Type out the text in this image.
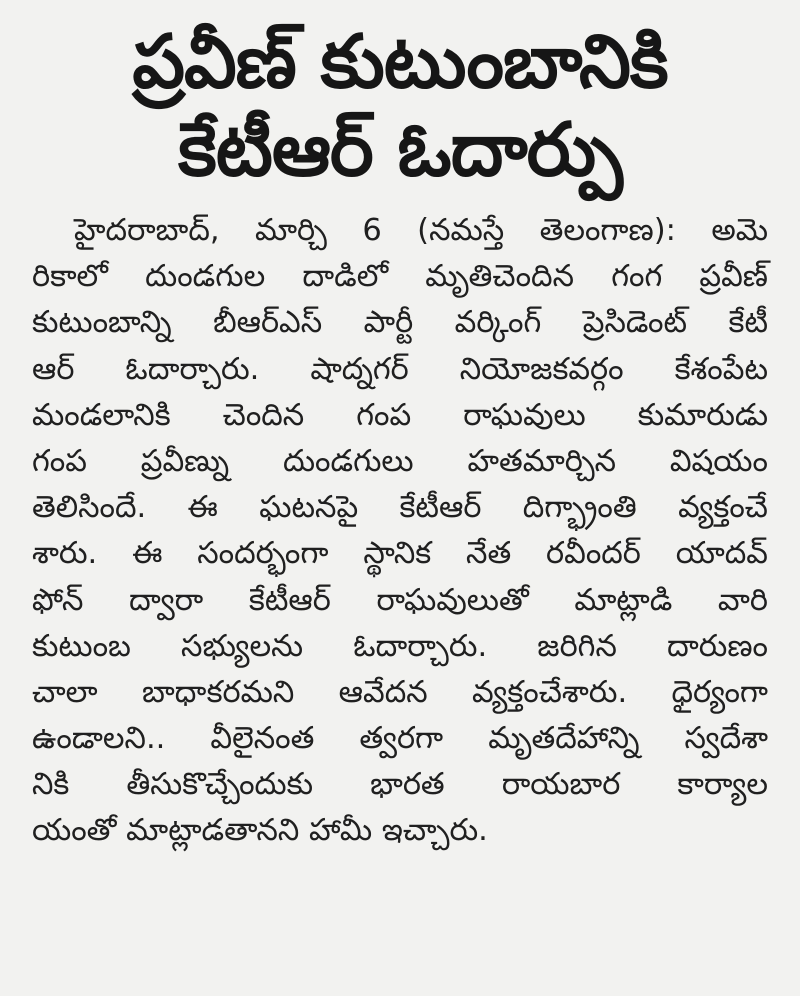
ప్రవీణ్ కుటుంబానికి
కేటీఆర్ ఓదార్పు
హైదరాబాద్, మార్చి 6 (నమస్తే తెలంగాణ): అమె
రికాలో దుండగుల దాడిలో మృతిచెందిన గంగ ప్రవీణ్
కుటుంబాన్ని బీఆర్ఎస్ పార్టీ వర్కింగ్ ప్రెసిడెంట్ కేటీ
ఆర్ ఓదార్చారు. షాద్నగర్ నియోజకవర్గం కేశంపేట
మండలానికి చెందిన గంప రాఘవులు కుమారుడు
గంప ప్రవీణ్ను దుండగులు హతమార్చిన విషయం
తెలిసిందే. ఈ ఘటనపై కేటీఆర్ దిగ్భ్రాంతి వ్యక్తంచే
శారు. ఈ సందర్భంగా స్థానిక నేత రవీందర్ యాదవ్
ఫోన్ ద్వారా కేటీఆర్ రాఘవులుతో మాట్లాడి వారి
కుటుంబ సభ్యులను ఓదార్చారు. జరిగిన దారుణం
చాలా బాధాకరమని ఆవేదన వ్యక్తంచేశారు. ధైర్యంగా
ఉండాలని.. వీలైనంత త్వరగా మృతదేహాన్ని స్వదేశా
నికి తీసుకొచ్చేందుకు భారత రాయబార కార్యాల
యంతో మాట్లాడతానని హామీ ఇచ్చారు.
